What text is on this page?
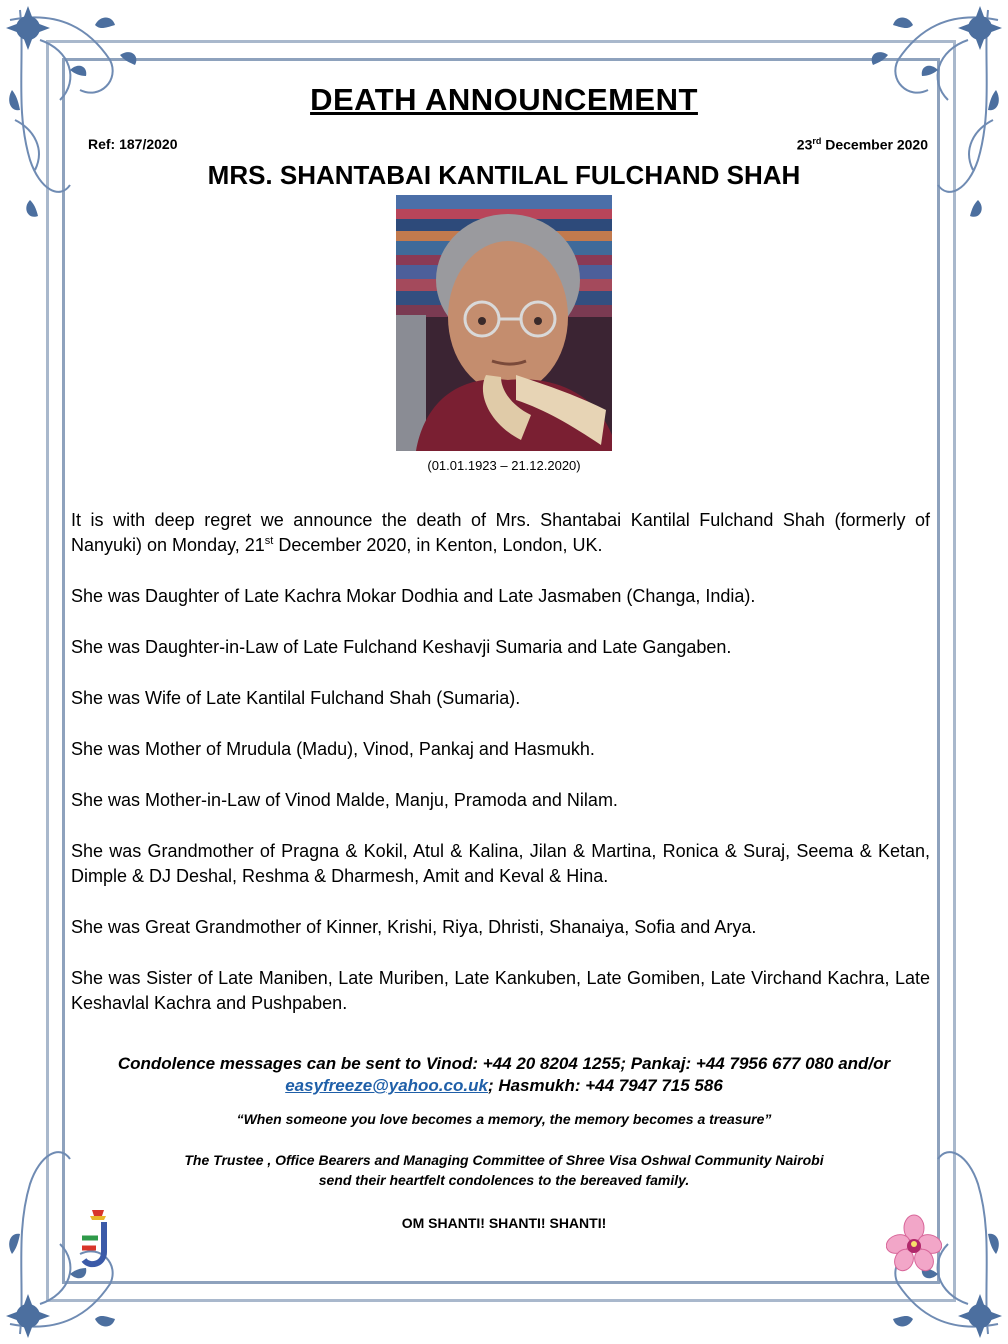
DEATH ANNOUNCEMENT
Ref: 187/2020	23rd December 2020
MRS. SHANTABAI KANTILAL FULCHAND SHAH
(01.01.1923 – 21.12.2020)

It is with deep regret we announce the death of Mrs. Shantabai Kantilal Fulchand Shah (formerly of Nanyuki) on Monday, 21st December 2020, in Kenton, London, UK.

She was Daughter of Late Kachra Mokar Dodhia and Late Jasmaben (Changa, India).

She was Daughter-in-Law of Late Fulchand Keshavji Sumaria and Late Gangaben.

She was Wife of Late Kantilal Fulchand Shah (Sumaria).

She was Mother of Mrudula (Madu), Vinod, Pankaj and Hasmukh.

She was Mother-in-Law of Vinod Malde, Manju, Pramoda and Nilam.

She was Grandmother of Pragna & Kokil, Atul & Kalina, Jilan & Martina, Ronica & Suraj, Seema & Ketan, Dimple & DJ Deshal, Reshma & Dharmesh, Amit and Keval & Hina.

She was Great Grandmother of Kinner, Krishi, Riya, Dhristi, Shanaiya, Sofia and Arya.

She was Sister of Late Maniben, Late Muriben, Late Kankuben, Late Gomiben, Late Virchand Kachra, Late Keshavlal Kachra and Pushpaben.

Condolence messages can be sent to Vinod: +44 20 8204 1255; Pankaj: +44 7956 677 080 and/or
easyfreeze@yahoo.co.uk; Hasmukh: +44 7947 715 586
“When someone you love becomes a memory, the memory becomes a treasure”
The Trustee , Office Bearers and Managing Committee of Shree Visa Oshwal Community Nairobi
send their heartfelt condolences to the bereaved family.
OM SHANTI! SHANTI! SHANTI!
